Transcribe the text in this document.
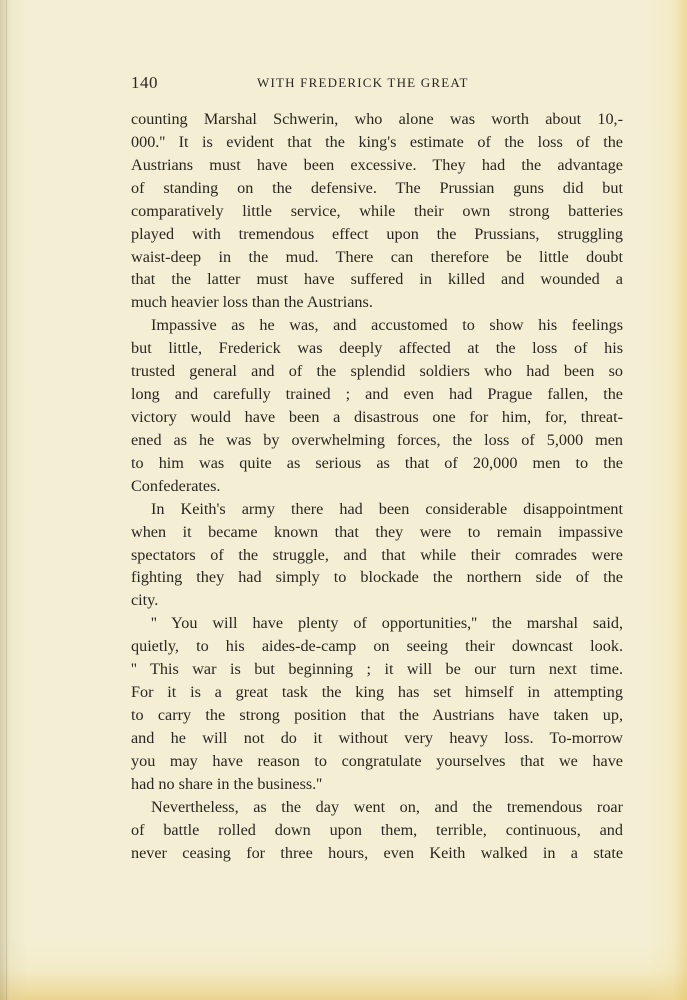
140	WITH FREDERICK THE GREAT
counting Marshal Schwerin, who alone was worth about 10,-
000.'' It is evident that the king's estimate of the loss of the
Austrians must have been excessive. They had the advantage
of standing on the defensive. The Prussian guns did but
comparatively little service, while their own strong batteries
played with tremendous effect upon the Prussians, struggling
waist-deep in the mud. There can therefore be little doubt
that the latter must have suffered in killed and wounded a
much heavier loss than the Austrians.
Impassive as he was, and accustomed to show his feelings
but little, Frederick was deeply affected at the loss of his
trusted general and of the splendid soldiers who had been so
long and carefully trained ; and even had Prague fallen, the
victory would have been a disastrous one for him, for, threat-
ened as he was by overwhelming forces, the loss of 5,000 men
to him was quite as serious as that of 20,000 men to the
Confederates.
In Keith's army there had been considerable disappointment
when it became known that they were to remain impassive
spectators of the struggle, and that while their comrades were
fighting they had simply to blockade the northern side of the
city.
'' You will have plenty of opportunities,'' the marshal said,
quietly, to his aides-de-camp on seeing their downcast look.
'' This war is but beginning ; it will be our turn next time.
For it is a great task the king has set himself in attempting
to carry the strong position that the Austrians have taken up,
and he will not do it without very heavy loss. To-morrow
you may have reason to congratulate yourselves that we have
had no share in the business.''
Nevertheless, as the day went on, and the tremendous roar
of battle rolled down upon them, terrible, continuous, and
never ceasing for three hours, even Keith walked in a state
